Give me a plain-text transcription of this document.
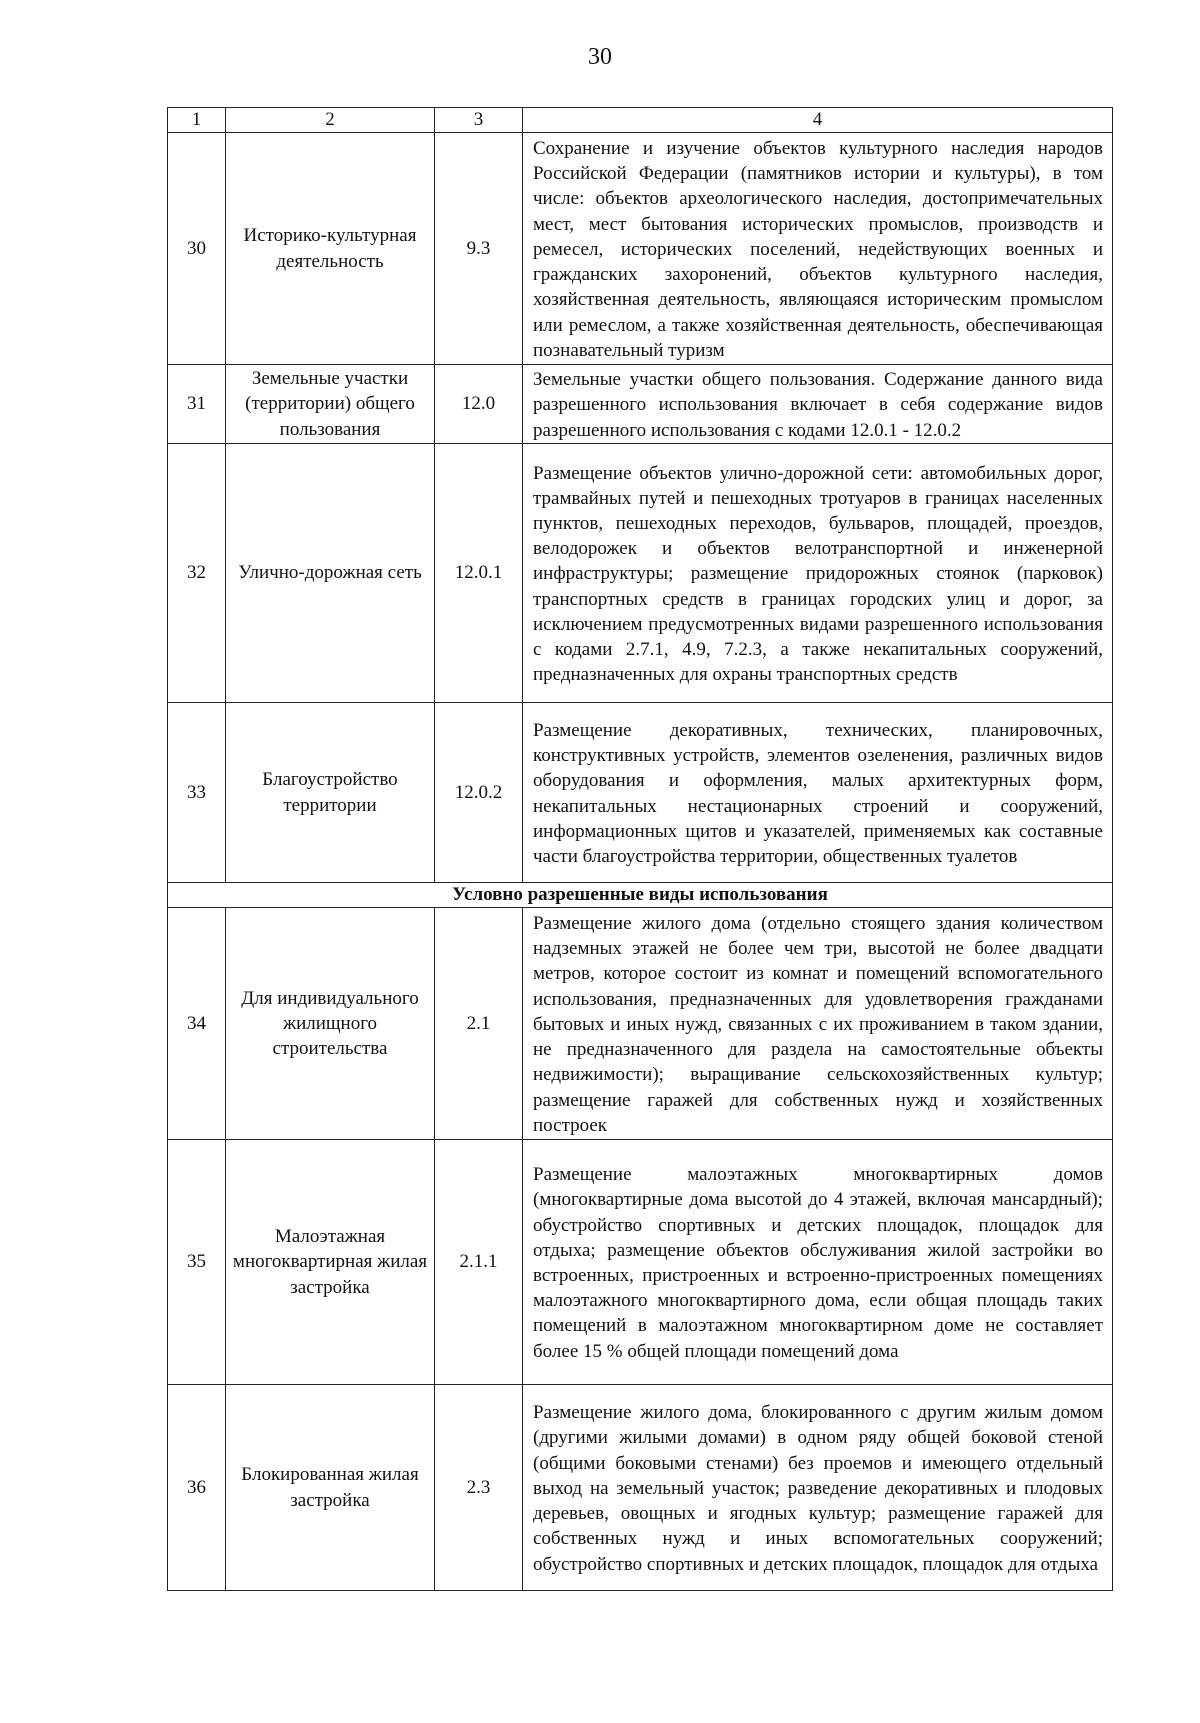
30
1	2	3	4
30	Историко-культурная деятельность	9.3	Сохранение и изучение объектов культурного наследия народов Российской Федерации (памятников истории и культуры), в том числе: объектов археологического наследия, достопримечательных мест, мест бытования исторических промыслов, производств и ремесел, исторических поселений, недействующих военных и гражданских захоронений, объектов культурного наследия, хозяйственная деятельность, являющаяся историческим промыслом или ремеслом, а также хозяйственная деятельность, обеспечивающая познавательный туризм
31	Земельные участки (территории) общего пользования	12.0	Земельные участки общего пользования. Содержание данного вида разрешенного использования включает в себя содержание видов разрешенного использования с кодами 12.0.1 - 12.0.2
32	Улично-дорожная сеть	12.0.1	Размещение объектов улично-дорожной сети: автомобильных дорог, трамвайных путей и пешеходных тротуаров в границах населенных пунктов, пешеходных переходов, бульваров, площадей, проездов, велодорожек и объектов велотранспортной и инженерной инфраструктуры; размещение придорожных стоянок (парковок) транспортных средств в границах городских улиц и дорог, за исключением предусмотренных видами разрешенного использования с кодами 2.7.1, 4.9, 7.2.3, а также некапитальных сооружений, предназначенных для охраны транспортных средств
33	Благоустройство территории	12.0.2	Размещение декоративных, технических, планировочных, конструктивных устройств, элементов озеленения, различных видов оборудования и оформления, малых архитектурных форм, некапитальных нестационарных строений и сооружений, информационных щитов и указателей, применяемых как составные части благоустройства территории, общественных туалетов
Условно разрешенные виды использования			
34	Для индивидуального жилищного строительства	2.1	Размещение жилого дома (отдельно стоящего здания количеством надземных этажей не более чем три, высотой не более двадцати метров, которое состоит из комнат и помещений вспомогательного использования, предназначенных для удовлетворения гражданами бытовых и иных нужд, связанных с их проживанием в таком здании, не предназначенного для раздела на самостоятельные объекты недвижимости); выращивание сельскохозяйственных культур; размещение гаражей для собственных нужд и хозяйственных построек
35	Малоэтажная многоквартирная жилая застройка	2.1.1	Размещение малоэтажных многоквартирных домов (многоквартирные дома высотой до 4 этажей, включая мансардный); обустройство спортивных и детских площадок, площадок для отдыха; размещение объектов обслуживания жилой застройки во встроенных, пристроенных и встроенно-пристроенных помещениях малоэтажного многоквартирного дома, если общая площадь таких помещений в малоэтажном многоквартирном доме не составляет более 15 % общей площади помещений дома
36	Блокированная жилая застройка	2.3	Размещение жилого дома, блокированного с другим жилым домом (другими жилыми домами) в одном ряду общей боковой стеной (общими боковыми стенами) без проемов и имеющего отдельный выход на земельный участок; разведение декоративных и плодовых деревьев, овощных и ягодных культур; размещение гаражей для собственных нужд и иных вспомогательных сооружений; обустройство спортивных и детских площадок, площадок для отдыха
